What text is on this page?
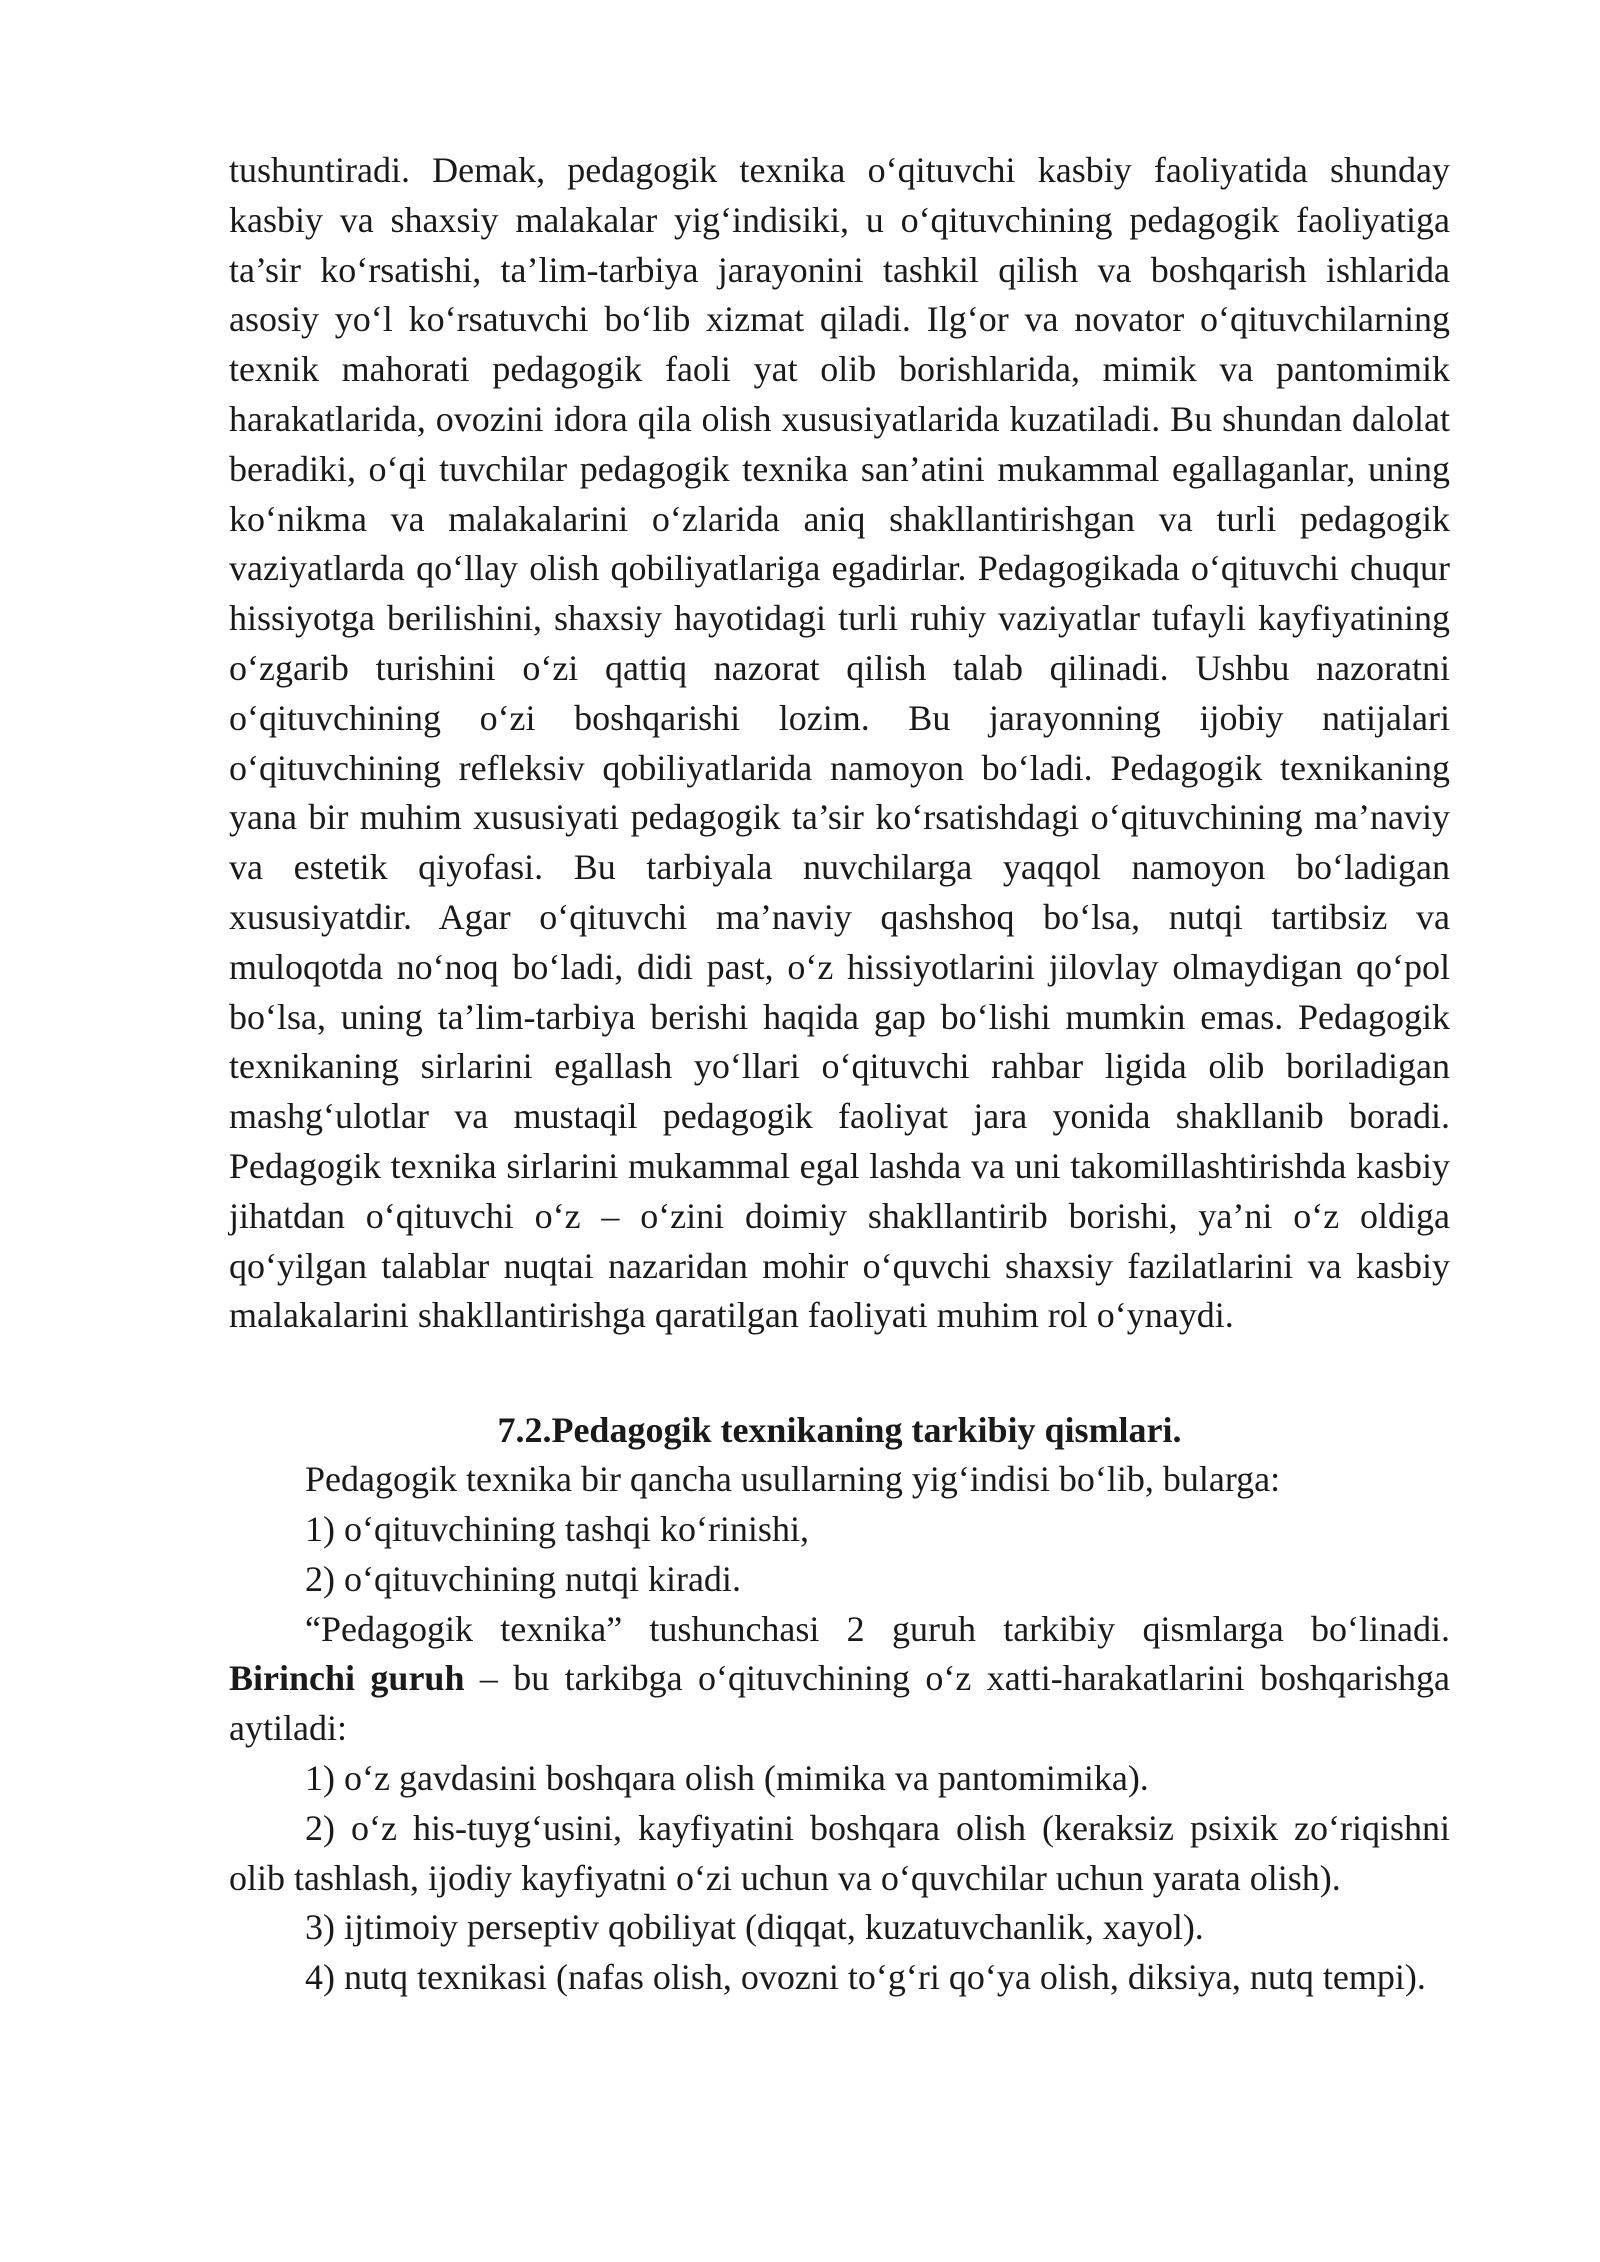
tushuntiradi. Demak, pedagogik texnika o‘qituvchi kasbiy faoliyatida shunday kasbiy va shaxsiy malakalar yig‘indisiki, u o‘qituvchining pedagogik faoliyatiga ta’sir ko‘rsatishi, ta’lim-tarbiya jarayonini tashkil qilish va boshqarish ishlarida asosiy yo‘l ko‘rsatuvchi bo‘lib xizmat qiladi. Ilg‘or va novator o‘qituvchilarning texnik mahorati pedagogik faoli yat olib borishlarida, mimik va pantomimik harakatlarida, ovozini idora qila olish xususiyatlarida kuzatiladi. Bu shundan dalolat beradiki, o‘qi tuvchilar pedagogik texnika san’atini mukammal egallaganlar, uning ko‘nikma va malakalarini o‘zlarida aniq shakllantirishgan va turli pedagogik vaziyatlarda qo‘llay olish qobiliyatlariga egadirlar. Pedagogikada o‘qituvchi chuqur hissiyotga berilishini, shaxsiy hayotidagi turli ruhiy vaziyatlar tufayli kayfiyatining o‘zgarib turishini o‘zi qattiq nazorat qilish talab qilinadi. Ushbu nazoratni o‘qituvchining o‘zi boshqarishi lozim. Bu jarayonning ijobiy natijalari o‘qituvchining refleksiv qobiliyatlarida namoyon bo‘ladi. Pedagogik texnikaning yana bir muhim xususiyati pedagogik ta’sir ko‘rsatishdagi o‘qituvchining ma’naviy va estetik qiyofasi. Bu tarbiyala nuvchilarga yaqqol namoyon bo‘ladigan xususiyatdir. Agar o‘qituvchi ma’naviy qashshoq bo‘lsa, nutqi tartibsiz va muloqotda no‘noq bo‘ladi, didi past, o‘z hissiyotlarini jilovlay olmaydigan qo‘pol bo‘lsa, uning ta’lim-tarbiya berishi haqida gap bo‘lishi mumkin emas. Pedagogik texnikaning sirlarini egallash yo‘llari o‘qituvchi rahbar ligida olib boriladigan mashg‘ulotlar va mustaqil pedagogik faoliyat jara yonida shakllanib boradi. Pedagogik texnika sirlarini mukammal egal lashda va uni takomillashtirishda kasbiy jihatdan o‘qituvchi o‘z – o‘zini doimiy shakllantirib borishi, ya’ni o‘z oldiga qo‘yilgan talablar nuqtai nazaridan mohir o‘quvchi shaxsiy fazilatlarini va kasbiy malakalarini shakllantirishga qaratilgan faoliyati muhim rol o‘ynaydi.

7.2.Pedagogik texnikaning tarkibiy qismlari.

Pedagogik texnika bir qancha usullarning yig‘indisi bo‘lib, bularga:

1) o‘qituvchining tashqi ko‘rinishi,

2) o‘qituvchining nutqi kiradi.

“Pedagogik texnika” tushunchasi 2 guruh tarkibiy qismlarga bo‘linadi. Birinchi guruh – bu tarkibga o‘qituvchining o‘z xatti-harakatlarini boshqarishga aytiladi:

1) o‘z gavdasini boshqara olish (mimika va pantomimika).

2) o‘z his-tuyg‘usini, kayfiyatini boshqara olish (keraksiz psixik zo‘riqishni olib tashlash, ijodiy kayfiyatni o‘zi uchun va o‘quvchilar uchun yarata olish).

3) ijtimoiy perseptiv qobiliyat (diqqat, kuzatuvchanlik, xayol).

4) nutq texnikasi (nafas olish, ovozni to‘g‘ri qo‘ya olish, diksiya, nutq tempi).
